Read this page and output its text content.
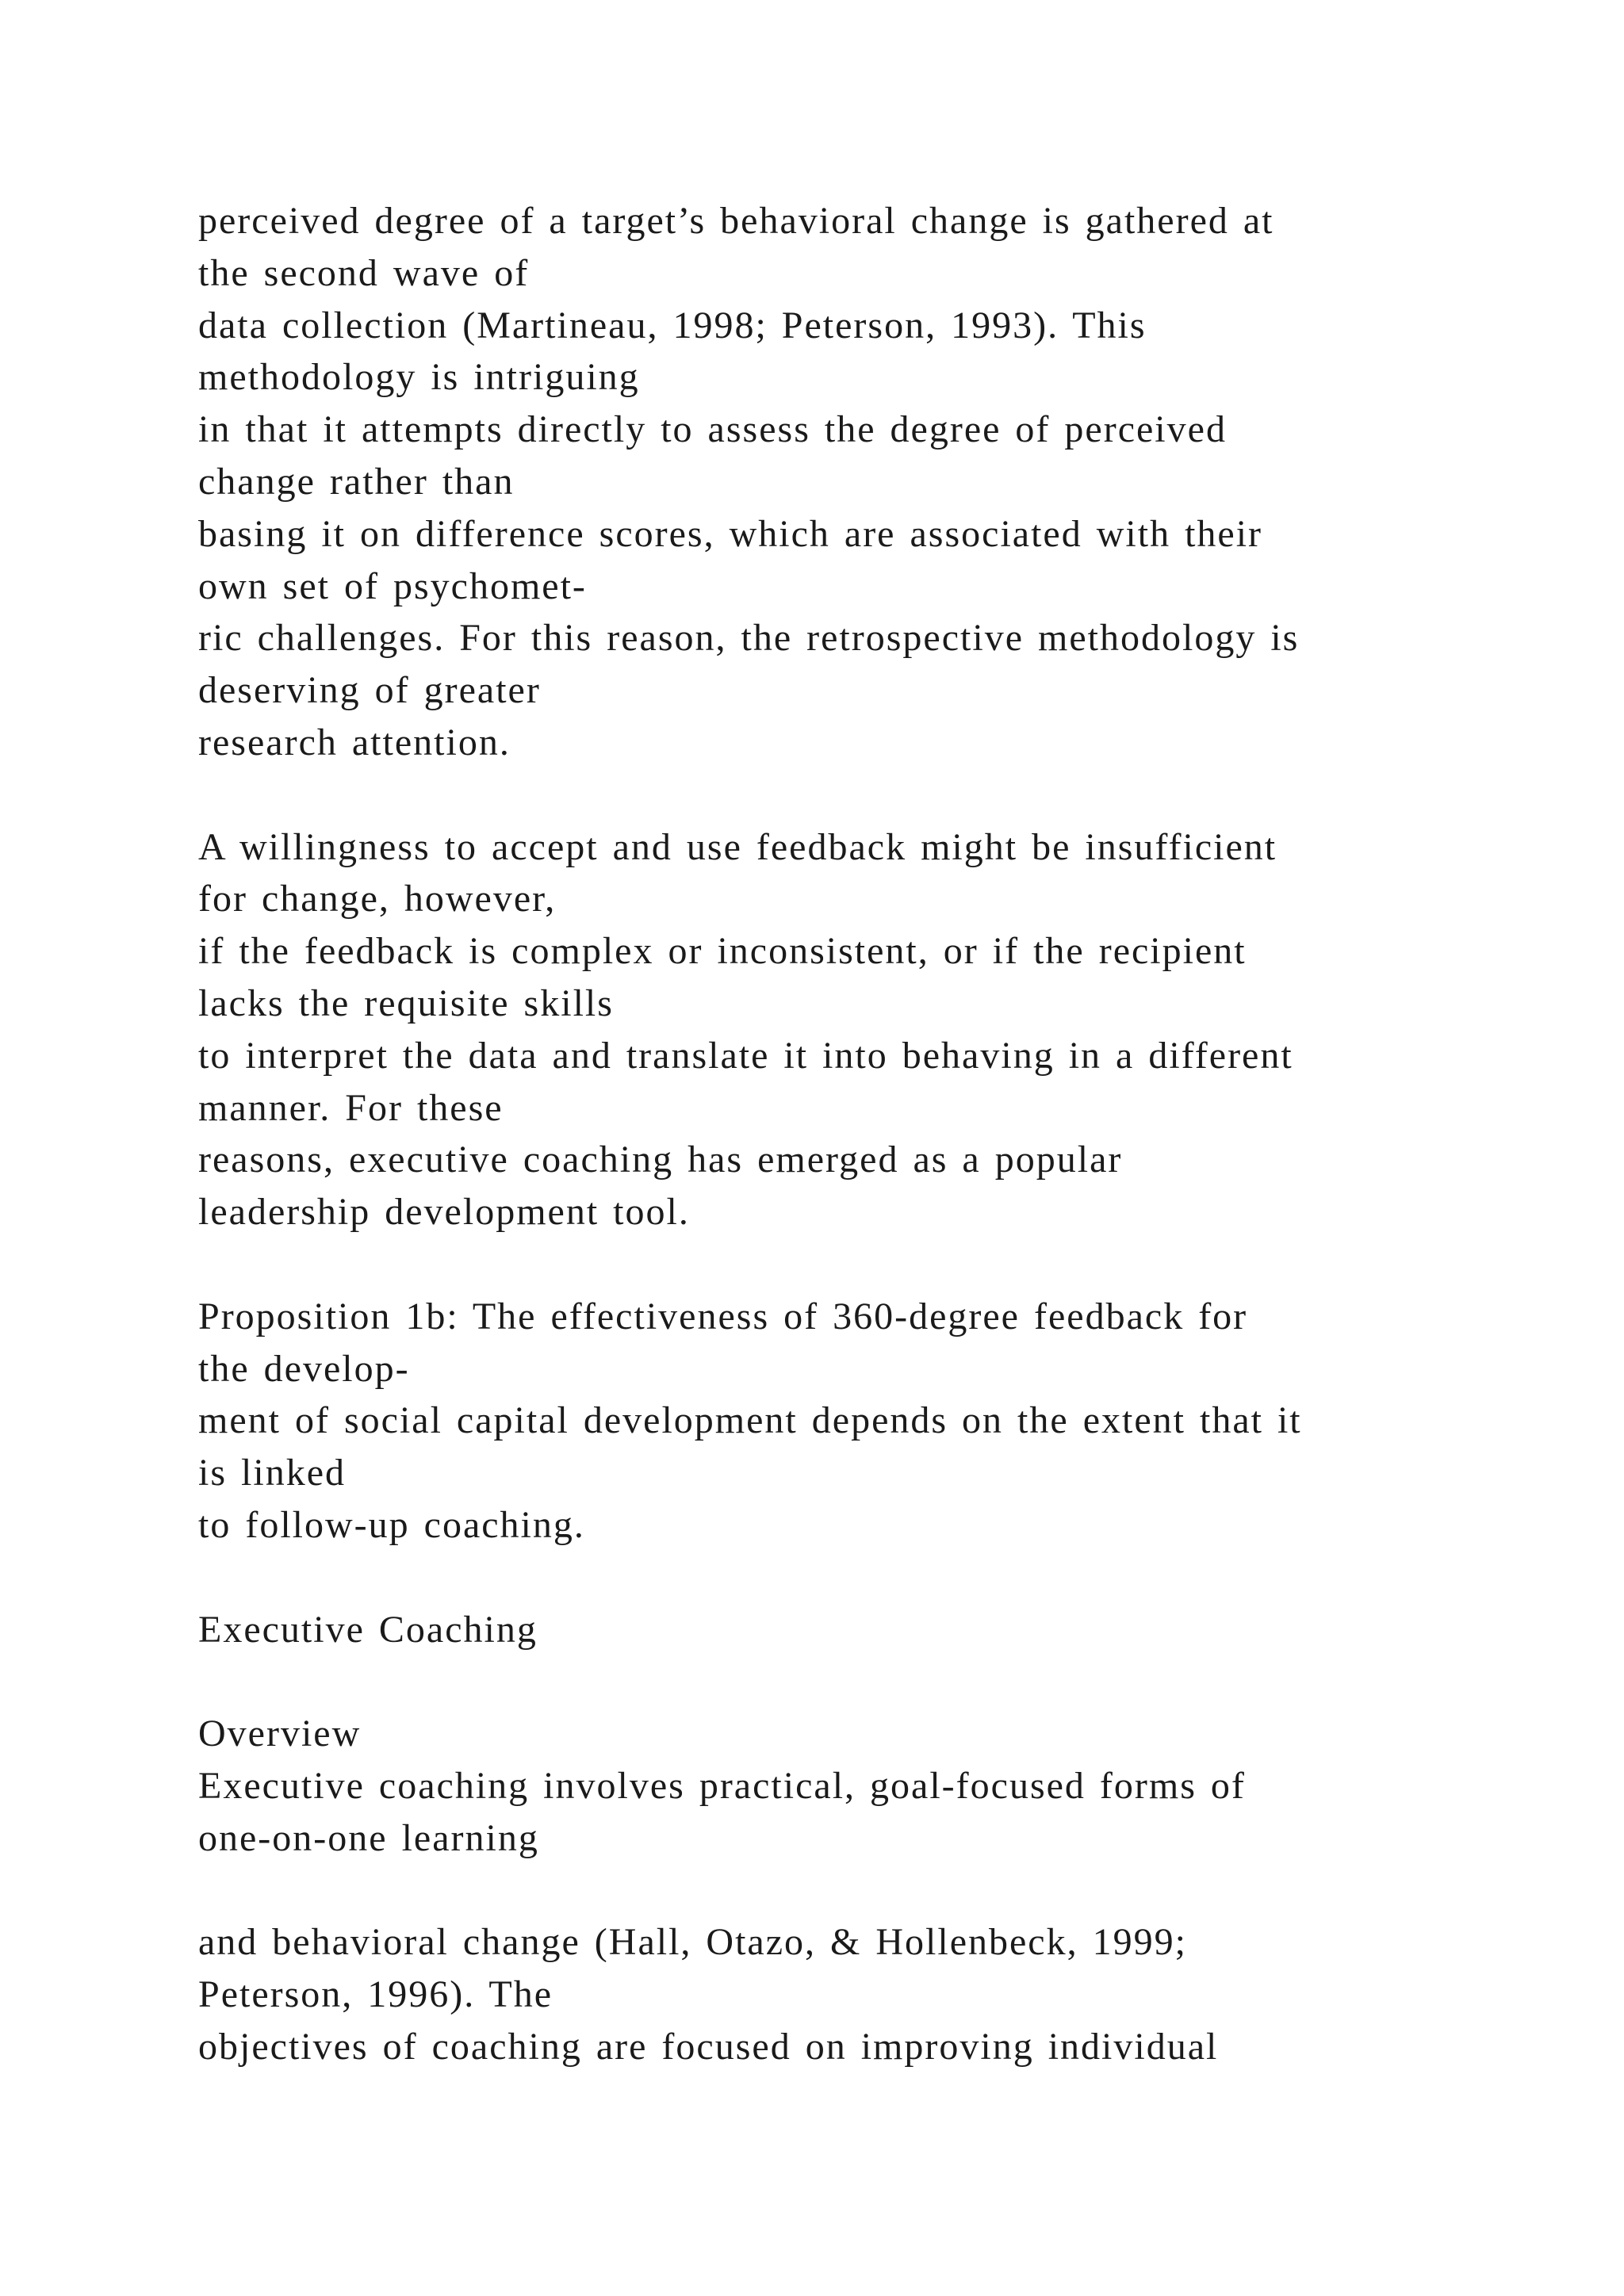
perceived degree of a target’s behavioral change is gathered at
the second wave of
data collection (Martineau, 1998; Peterson, 1993). This
methodology is intriguing
in that it attempts directly to assess the degree of perceived
change rather than
basing it on difference scores, which are associated with their
own set of psychomet-
ric challenges. For this reason, the retrospective methodology is
deserving of greater
research attention.
A willingness to accept and use feedback might be insufficient
for change, however,
if the feedback is complex or inconsistent, or if the recipient
lacks the requisite skills
to interpret the data and translate it into behaving in a different
manner. For these
reasons, executive coaching has emerged as a popular
leadership development tool.
Proposition 1b: The effectiveness of 360-degree feedback for
the develop-
ment of social capital development depends on the extent that it
is linked
to follow-up coaching.
Executive Coaching
Overview
Executive coaching involves practical, goal-focused forms of
one-on-one learning
and behavioral change (Hall, Otazo, & Hollenbeck, 1999;
Peterson, 1996). The
objectives of coaching are focused on improving individual
